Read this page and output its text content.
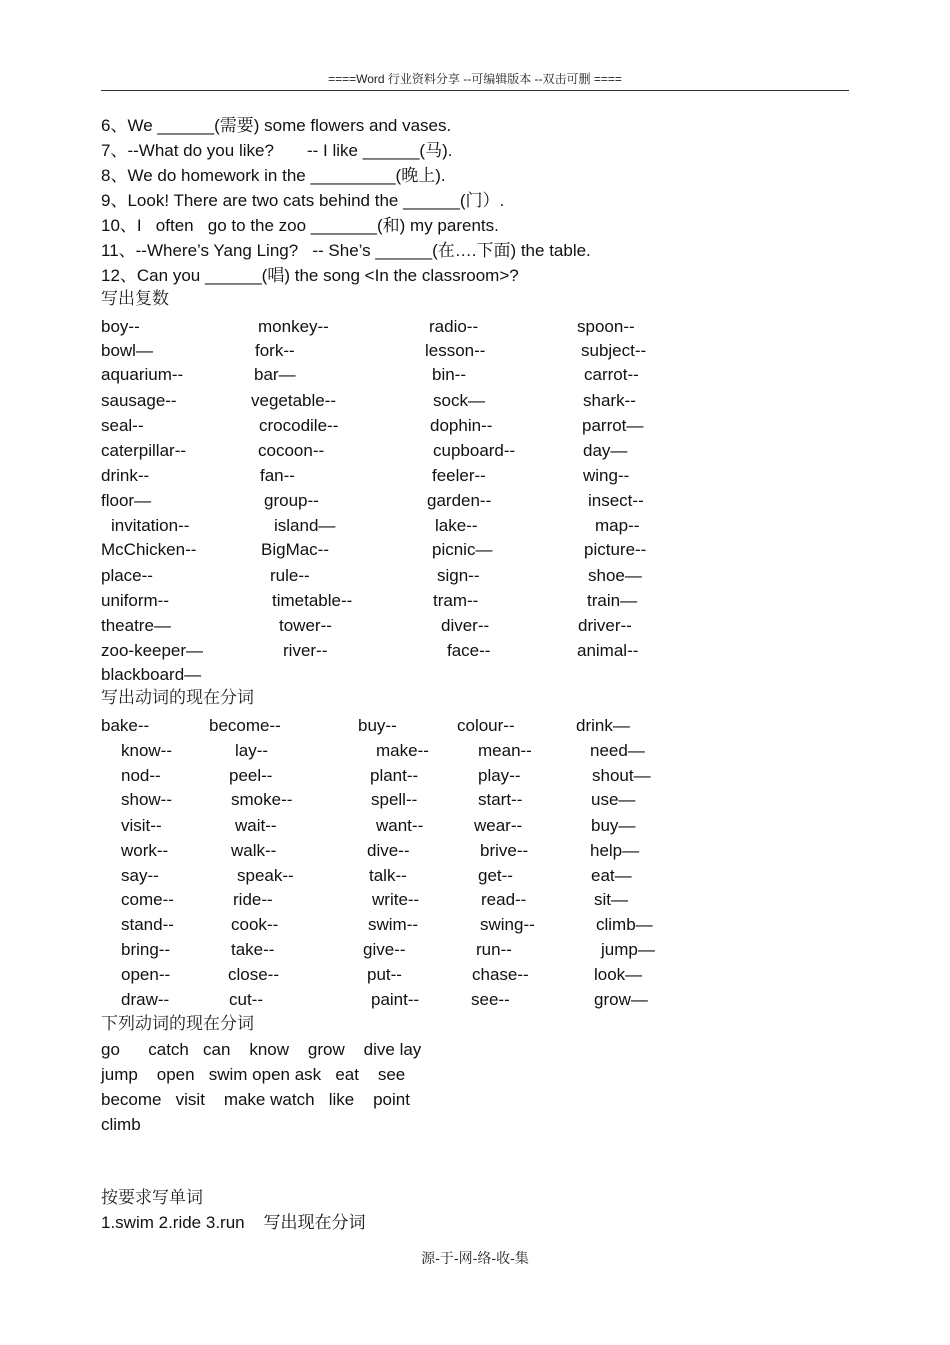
====Word 行业资料分享 --可编辑版本 --双击可删 ====
6、We ______(需要) some flowers and vases.
7、--What do you like?       -- I like ______(马).
8、We do homework in the _________(晚上).
9、Look! There are two cats behind the ______(门）.
10、I   often   go to the zoo _______(和) my parents.
11、--Where’s Yang Ling?   -- She’s ______(在….下面) the table.
12、Can you ______(唱) the song <In the classroom>?
写出复数
boy--	monkey--	radio--	spoon--
bowl—	fork--	lesson--	subject--
aquarium--	bar—	bin--	carrot--
sausage--	vegetable--	sock—	shark--
seal--	crocodile--	dophin--	parrot—
caterpillar--	cocoon--	cupboard--	day—
drink--	fan--	feeler--	wing--
floor—	group--	garden--	insect--
invitation--	island—	lake--	map--
McChicken--	BigMac--	picnic—	picture--
place--	rule--	sign--	shoe—
uniform--	timetable--	tram--	train—
theatre—	tower--	diver--	driver--
zoo-keeper—	river--	face--	animal--
blackboard—
写出动词的现在分词
bake--	become--	buy--	colour--	drink—
know--	lay--	make--	mean--	need—
nod--	peel--	plant--	play--	shout—
show--	smoke--	spell--	start--	use—
visit--	wait--	want--	wear--	buy—
work--	walk--	dive--	brive--	help—
say--	speak--	talk--	get--	eat—
come--	ride--	write--	read--	sit—
stand--	cook--	swim--	swing--	climb—
bring--	take--	give--	run--	jump—
open--	close--	put--	chase--	look—
draw--	cut--	paint--	see--	grow—
下列动词的现在分词
go      catch   can    know    grow    dive lay
jump    open   swim open ask   eat    see
become   visit    make watch   like    point
climb
按要求写单词
1.swim 2.ride 3.run    写出现在分词
源-于-网-络-收-集
